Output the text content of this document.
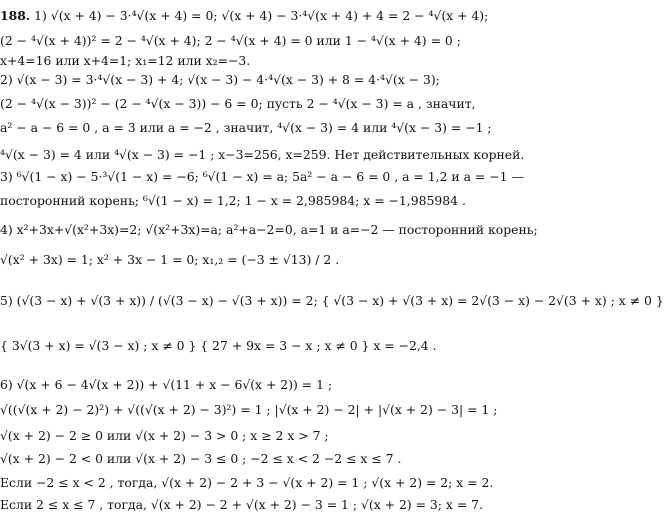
188. 1) √(x + 4) − 3·⁴√(x + 4) = 0; √(x + 4) − 3·⁴√(x + 4) + 4 = 2 − ⁴√(x + 4);
(2 − ⁴√(x + 4))² = 2 − ⁴√(x + 4); 2 − ⁴√(x + 4) = 0 или 1 − ⁴√(x + 4) = 0 ;
x+4=16 или x+4=1; x₁=12 или x₂=−3.
2) √(x − 3) = 3·⁴√(x − 3) + 4; √(x − 3) − 4·⁴√(x − 3) + 8 = 4·⁴√(x − 3);
(2 − ⁴√(x − 3))² − (2 − ⁴√(x − 3)) − 6 = 0; пусть 2 − ⁴√(x − 3) = a , значит,
a² − a − 6 = 0 , a = 3 или a = −2 , значит, ⁴√(x − 3) = 4 или ⁴√(x − 3) = −1 ;
⁴√(x − 3) = 4 или ⁴√(x − 3) = −1 ; x−3=256, x=259. Нет действительных корней.
3) ⁶√(1 − x) − 5·³√(1 − x) = −6; ⁶√(1 − x) = a; 5a² − a − 6 = 0 , a = 1,2 и a = −1 —
посторонний корень; ⁶√(1 − x) = 1,2; 1 − x = 2,985984; x = −1,985984 .
4) x²+3x+√(x²+3x)=2; √(x²+3x)=a; a²+a−2=0, a=1 и a=−2 — посторонний корень;
√(x² + 3x) = 1; x² + 3x − 1 = 0; x₁,₂ = (−3 ± √13) / 2 .
5) (√(3 − x) + √(3 + x)) / (√(3 − x) − √(3 + x)) = 2; { √(3 − x) + √(3 + x) = 2√(3 − x) − 2√(3 + x) ; x ≠ 0 }
{ 3√(3 + x) = √(3 − x) ; x ≠ 0 } { 27 + 9x = 3 − x ; x ≠ 0 } x = −2,4 .
6) √(x + 6 − 4√(x + 2)) + √(11 + x − 6√(x + 2)) = 1 ;
√((√(x + 2) − 2)²) + √((√(x + 2) − 3)²) = 1 ; |√(x + 2) − 2| + |√(x + 2) − 3| = 1 ;
√(x + 2) − 2 ≥ 0 или √(x + 2) − 3 > 0 ; x ≥ 2 x > 7 ;
√(x + 2) − 2 < 0 или √(x + 2) − 3 ≤ 0 ; −2 ≤ x < 2 −2 ≤ x ≤ 7 .
Если −2 ≤ x < 2 , тогда, √(x + 2) − 2 + 3 − √(x + 2) = 1 ; √(x + 2) = 2; x = 2.
Если 2 ≤ x ≤ 7 , тогда, √(x + 2) − 2 + √(x + 2) − 3 = 1 ; √(x + 2) = 3; x = 7.
